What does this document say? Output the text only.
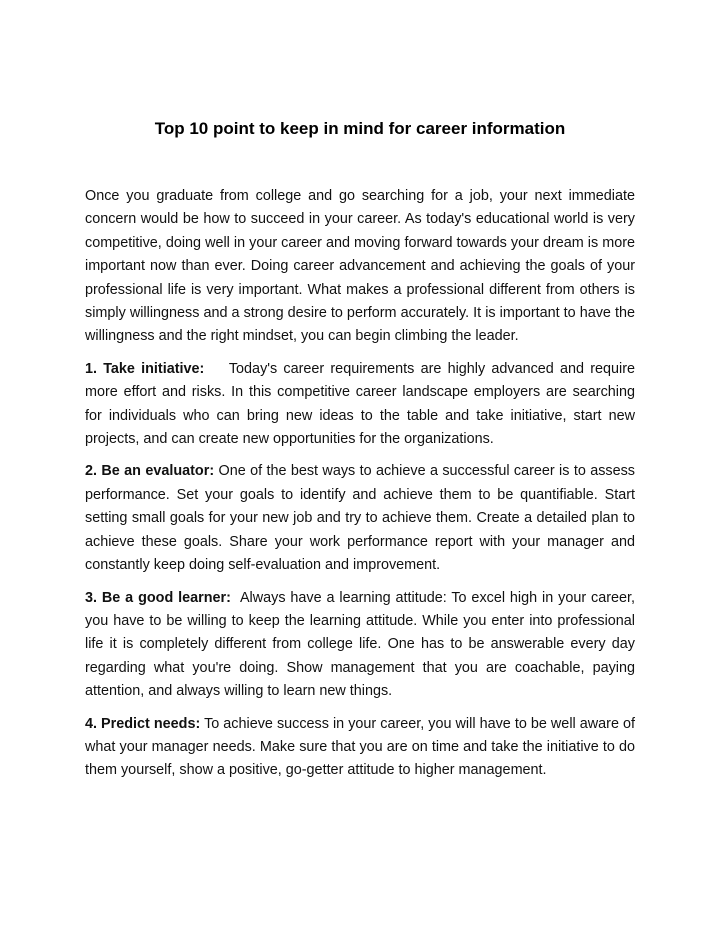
Top 10 point to keep in mind for career information

Once you graduate from college and go searching for a job, your next immediate concern would be how to succeed in your career. As today's educational world is very competitive, doing well in your career and moving forward towards your dream is more important now than ever. Doing career advancement and achieving the goals of your professional life is very important. What makes a professional different from others is simply willingness and a strong desire to perform accurately. It is important to have the willingness and the right mindset, you can begin climbing the leader.

1. Take initiative: Today's career requirements are highly advanced and require more effort and risks. In this competitive career landscape employers are searching for individuals who can bring new ideas to the table and take initiative, start new projects, and can create new opportunities for the organizations.

2. Be an evaluator: One of the best ways to achieve a successful career is to assess performance. Set your goals to identify and achieve them to be quantifiable. Start setting small goals for your new job and try to achieve them. Create a detailed plan to achieve these goals. Share your work performance report with your manager and constantly keep doing self-evaluation and improvement.

3. Be a good learner: Always have a learning attitude: To excel high in your career, you have to be willing to keep the learning attitude. While you enter into professional life it is completely different from college life. One has to be answerable every day regarding what you're doing. Show management that you are coachable, paying attention, and always willing to learn new things.

4. Predict needs: To achieve success in your career, you will have to be well aware of what your manager needs. Make sure that you are on time and take the initiative to do them yourself, show a positive, go-getter attitude to higher management.
